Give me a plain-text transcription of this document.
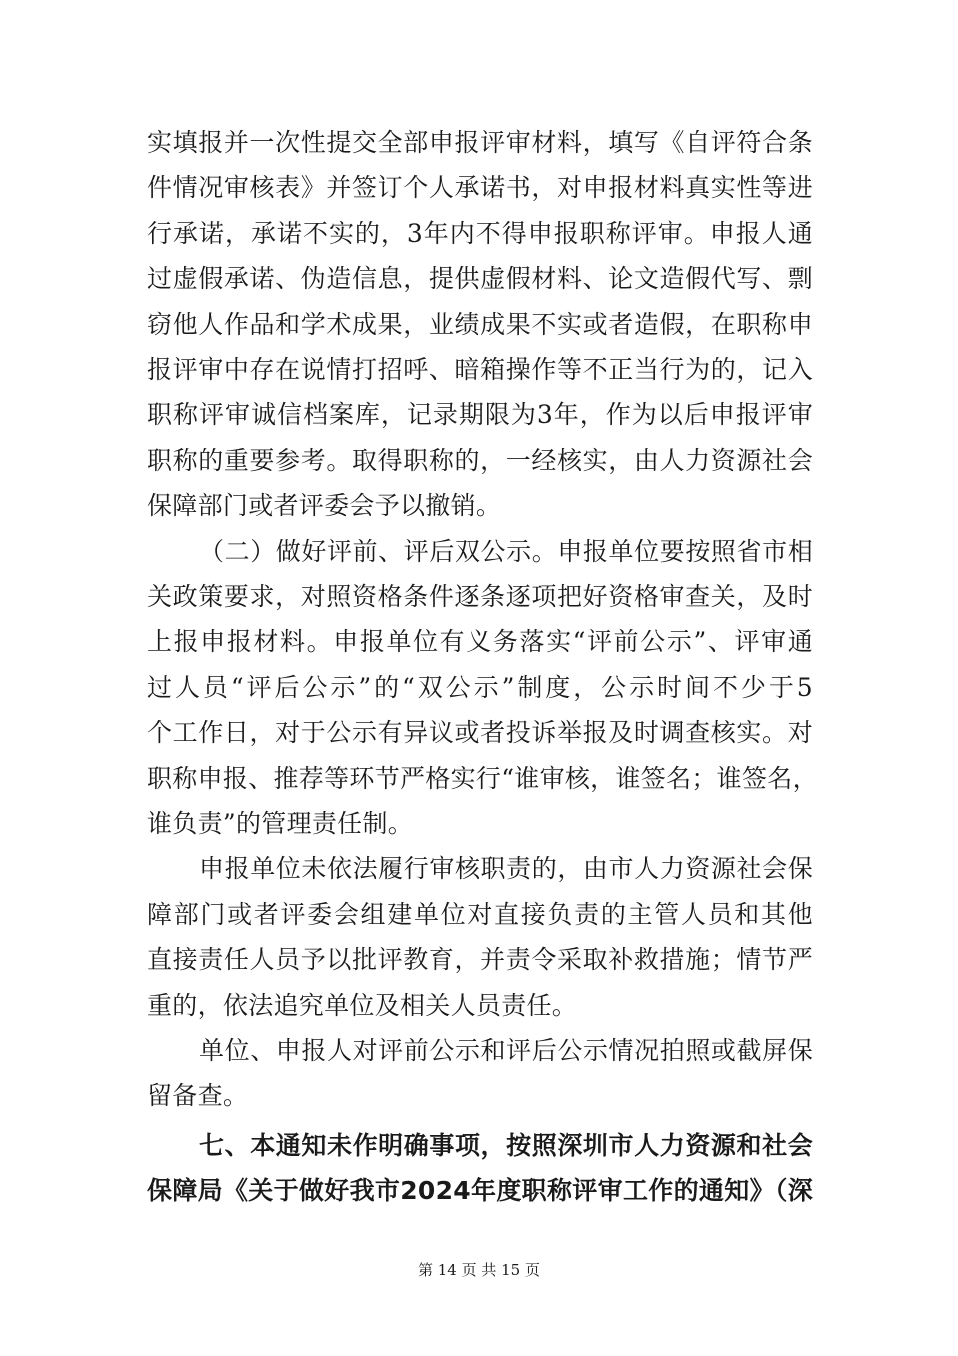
实填报并一次性提交全部申报评审材料，填写《自评符合条
件情况审核表》并签订个人承诺书，对申报材料真实性等进
行承诺，承诺不实的，3年内不得申报职称评审。申报人通
过虚假承诺、伪造信息，提供虚假材料、论文造假代写、剽
窃他人作品和学术成果，业绩成果不实或者造假，在职称申
报评审中存在说情打招呼、暗箱操作等不正当行为的，记入
职称评审诚信档案库，记录期限为3年，作为以后申报评审
职称的重要参考。取得职称的，一经核实，由人力资源社会
保障部门或者评委会予以撤销。
（二）做好评前、评后双公示。申报单位要按照省市相
关政策要求，对照资格条件逐条逐项把好资格审查关，及时
上报申报材料。申报单位有义务落实“评前公示”、评审通
过人员“评后公示”的“双公示”制度，公示时间不少于5
个工作日，对于公示有异议或者投诉举报及时调查核实。对
职称申报、推荐等环节严格实行“谁审核，谁签名；谁签名，
谁负责”的管理责任制。
申报单位未依法履行审核职责的，由市人力资源社会保
障部门或者评委会组建单位对直接负责的主管人员和其他
直接责任人员予以批评教育，并责令采取补救措施；情节严
重的，依法追究单位及相关人员责任。
单位、申报人对评前公示和评后公示情况拍照或截屏保
留备查。
七、本通知未作明确事项，按照深圳市人力资源和社会
保障局《关于做好我市2024年度职称评审工作的通知》（深
第 14 页 共 15 页
